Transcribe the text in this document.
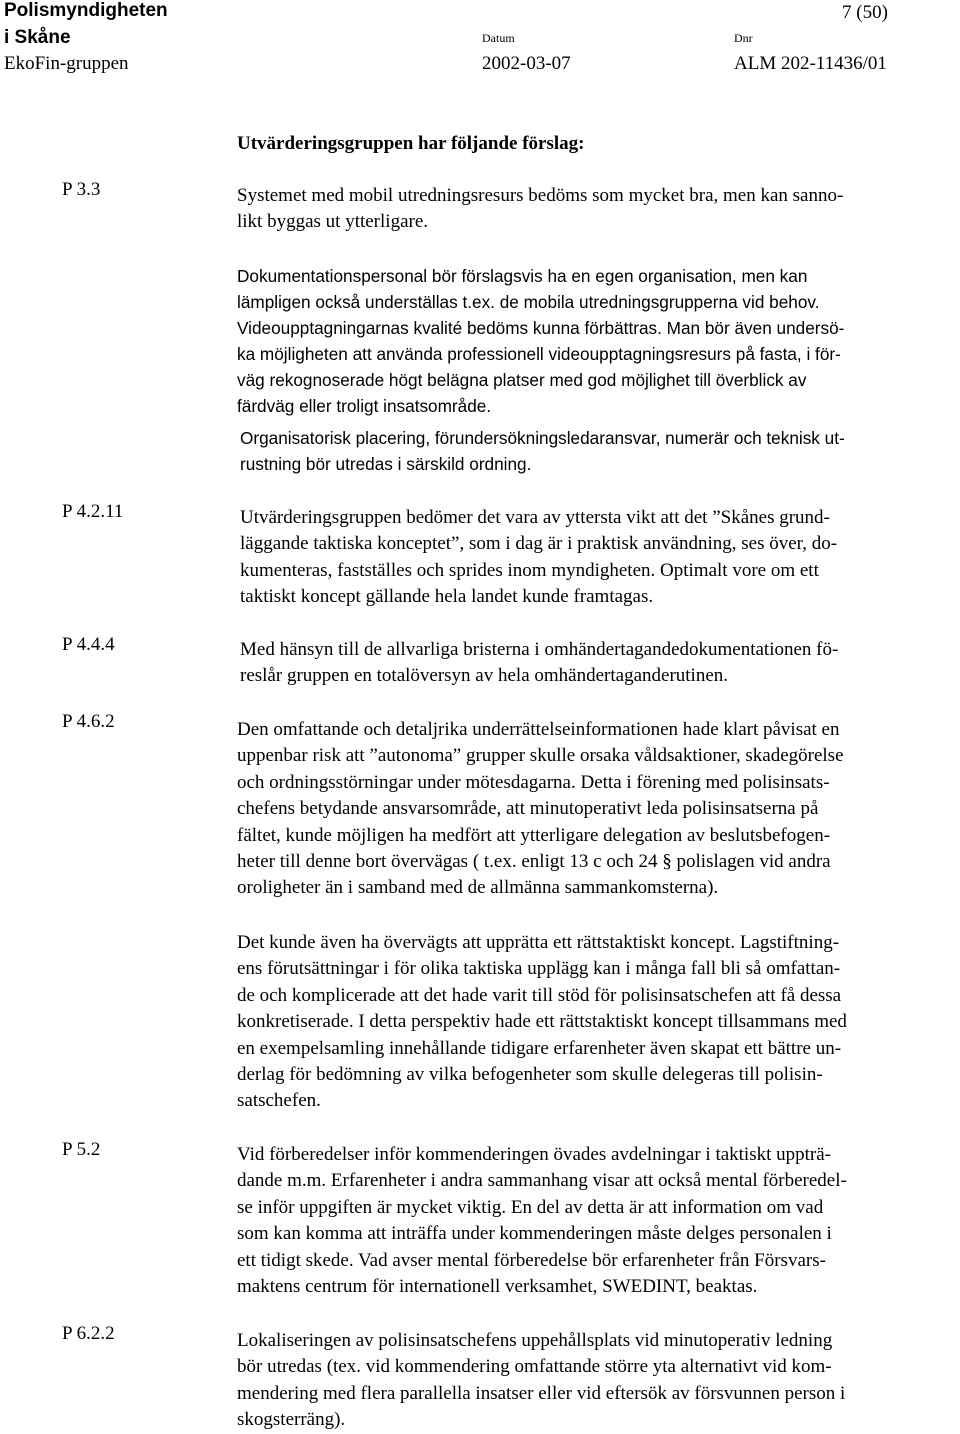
Polismyndigheten
i Skåne
EkoFin-gruppen
7 (50)
Datum
2002-03-07
Dnr
ALM 202-11436/01
Utvärderingsgruppen har följande förslag:
P 3.3
P 4.2.11
P 4.4.4
P 4.6.2
P 5.2
P 6.2.2
Systemet med mobil utredningsresurs bedöms som mycket bra, men kan sanno-
likt byggas ut ytterligare.
Dokumentationspersonal bör förslagsvis ha en egen organisation, men kan
lämpligen också underställas t.ex. de mobila utredningsgrupperna vid behov.
Videoupptagningarnas kvalité bedöms kunna förbättras. Man bör även undersö-
ka möjligheten att använda professionell videoupptagningsresurs på fasta, i för-
väg rekognoserade högt belägna platser med god möjlighet till överblick av
färdväg eller troligt insatsområde.
Organisatorisk placering, förundersökningsledaransvar, numerär och teknisk ut-
rustning bör utredas i särskild ordning.
Utvärderingsgruppen bedömer det vara av yttersta vikt att det ”Skånes grund-
läggande taktiska konceptet”, som i dag är i praktisk användning, ses över, do-
kumenteras, fastställes och sprides inom myndigheten. Optimalt vore om ett
taktiskt koncept gällande hela landet kunde framtagas.
Med hänsyn till de allvarliga bristerna i omhändertagandedokumentationen fö-
reslår gruppen en totalöversyn av hela omhändertaganderutinen.
Den omfattande och detaljrika underrättelseinformationen hade klart påvisat en
uppenbar risk att ”autonoma” grupper skulle orsaka våldsaktioner, skadegörelse
och ordningsstörningar under mötesdagarna. Detta i förening med polisinsats-
chefens betydande ansvarsområde, att minutoperativt leda polisinsatserna på
fältet, kunde möjligen ha medfört att ytterligare delegation av beslutsbefogen-
heter till denne bort övervägas ( t.ex. enligt 13 c och 24 § polislagen vid andra
oroligheter än i samband med de allmänna sammankomsterna).
Det kunde även ha övervägts att upprätta ett rättstaktiskt koncept. Lagstiftning-
ens förutsättningar i för olika taktiska upplägg kan i många fall bli så omfattan-
de och komplicerade att det hade varit till stöd för polisinsatschefen att få dessa
konkretiserade. I detta perspektiv hade ett rättstaktiskt koncept tillsammans med
en exempelsamling innehållande tidigare erfarenheter även skapat ett bättre un-
derlag för bedömning av vilka befogenheter som skulle delegeras till polisin-
satschefen.
Vid förberedelser inför kommenderingen övades avdelningar i taktiskt uppträ-
dande m.m. Erfarenheter i andra sammanhang visar att också mental förberedel-
se inför uppgiften är mycket viktig. En del av detta är att information om vad
som kan komma att inträffa under kommenderingen måste delges personalen i
ett tidigt skede. Vad avser mental förberedelse bör erfarenheter från Försvars-
maktens centrum för internationell verksamhet, SWEDINT, beaktas.
Lokaliseringen av polisinsatschefens uppehållsplats vid minutoperativ ledning
bör utredas (tex. vid kommendering omfattande större yta alternativt vid kom-
mendering med flera parallella insatser eller vid eftersök av försvunnen person i
skogsterräng).
